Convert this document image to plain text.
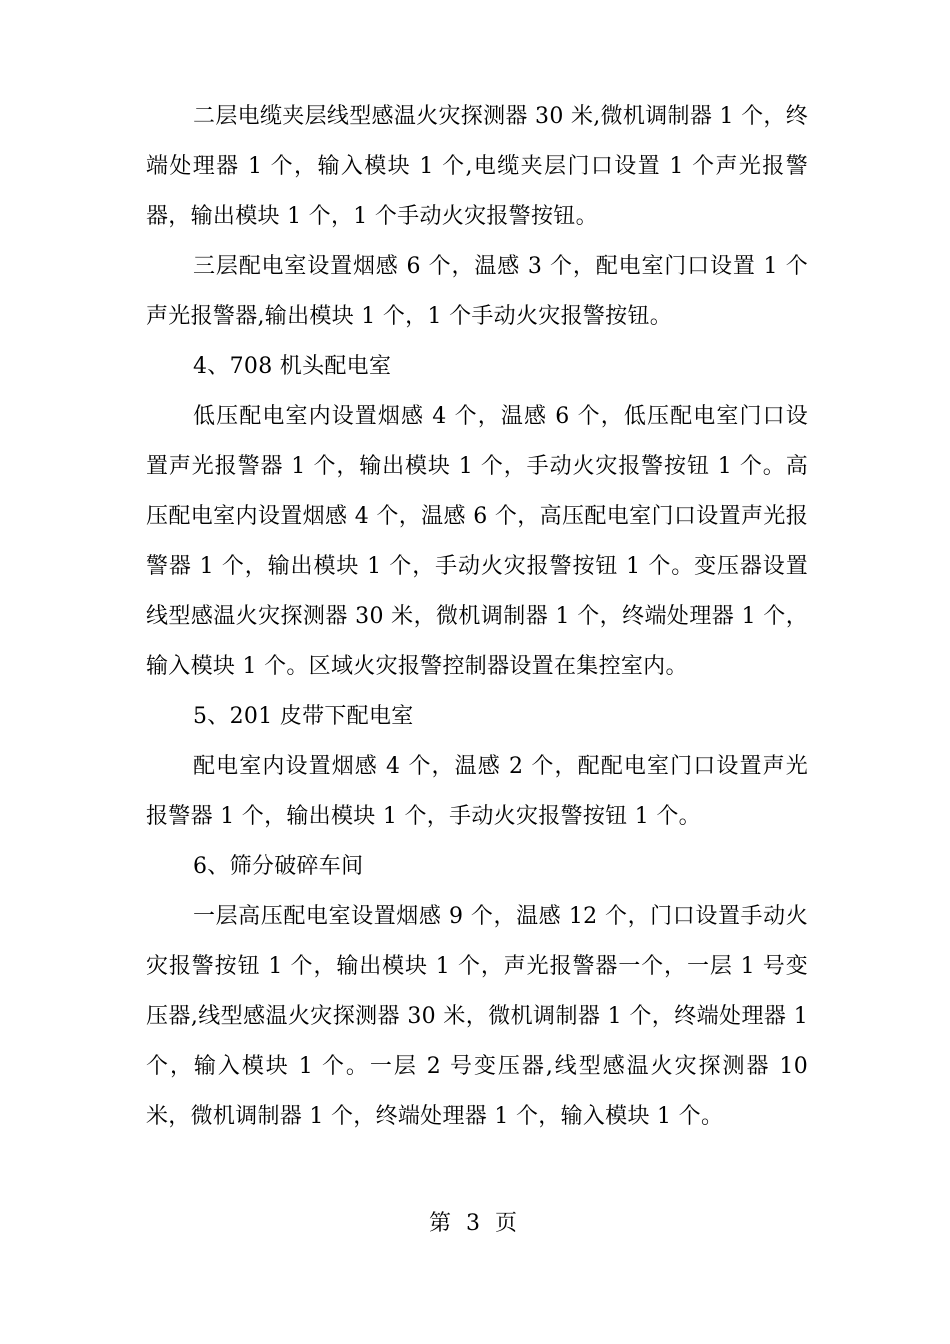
二层电缆夹层线型感温火灾探测器 30 米,微机调制器 1 个，终端处理器 1 个，输入模块 1 个,电缆夹层门口设置 1 个声光报警器，输出模块 1 个，1 个手动火灾报警按钮。

三层配电室设置烟感 6 个，温感 3 个，配电室门口设置 1 个声光报警器,输出模块 1 个，1 个手动火灾报警按钮。

4、708 机头配电室

低压配电室内设置烟感 4 个，温感 6 个，低压配电室门口设置声光报警器 1 个，输出模块 1 个，手动火灾报警按钮 1 个。高压配电室内设置烟感 4 个，温感 6 个，高压配电室门口设置声光报警器 1 个，输出模块 1 个，手动火灾报警按钮 1 个。变压器设置线型感温火灾探测器 30 米，微机调制器 1 个，终端处理器 1 个，输入模块 1 个。区域火灾报警控制器设置在集控室内。

5、201 皮带下配电室

配电室内设置烟感 4 个，温感 2 个，配配电室门口设置声光报警器 1 个，输出模块 1 个，手动火灾报警按钮 1 个。

6、筛分破碎车间

一层高压配电室设置烟感 9 个，温感 12 个，门口设置手动火灾报警按钮 1 个，输出模块 1 个，声光报警器一个，一层 1 号变压器,线型感温火灾探测器 30 米，微机调制器 1 个，终端处理器 1 个，输入模块 1 个。一层 2 号变压器,线型感温火灾探测器 10 米，微机调制器 1 个，终端处理器 1 个，输入模块 1 个。

第 3 页
